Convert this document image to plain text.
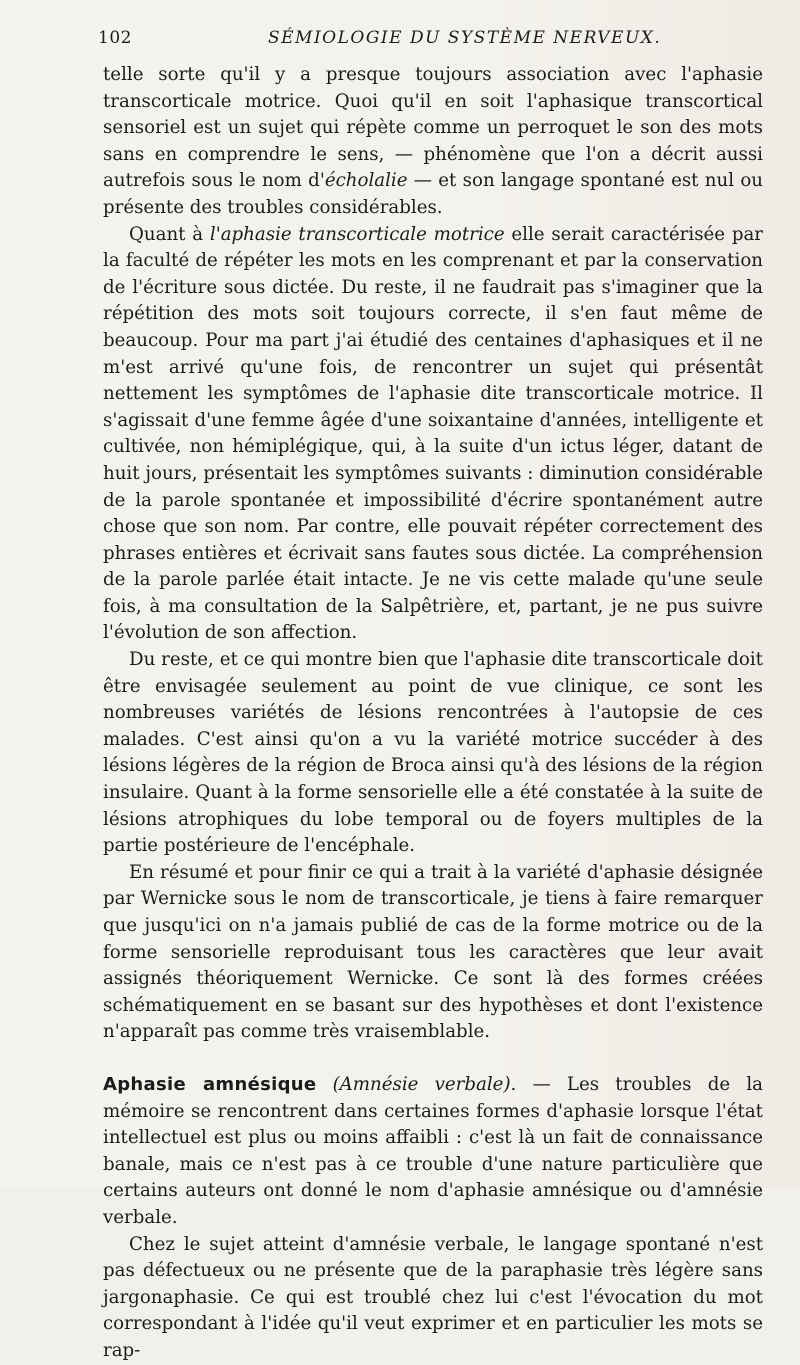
102	SÉMIOLOGIE DU SYSTÈME NERVEUX.

telle sorte qu'il y a presque toujours association avec l'aphasie transcorticale motrice. Quoi qu'il en soit l'aphasique transcortical sensoriel est un sujet qui répète comme un perroquet le son des mots sans en comprendre le sens, — phénomène que l'on a décrit aussi autrefois sous le nom d'écholalie — et son langage spontané est nul ou présente des troubles considérables.

Quant à l'aphasie transcorticale motrice elle serait caractérisée par la faculté de répéter les mots en les comprenant et par la conservation de l'écriture sous dictée. Du reste, il ne faudrait pas s'imaginer que la répétition des mots soit toujours correcte, il s'en faut même de beaucoup. Pour ma part j'ai étudié des centaines d'aphasiques et il ne m'est arrivé qu'une fois, de rencontrer un sujet qui présentât nettement les symptômes de l'aphasie dite transcorticale motrice. Il s'agissait d'une femme âgée d'une soixantaine d'années, intelligente et cultivée, non hémiplégique, qui, à la suite d'un ictus léger, datant de huit jours, présentait les symptômes suivants : diminution considérable de la parole spontanée et impossibilité d'écrire spontanément autre chose que son nom. Par contre, elle pouvait répéter correctement des phrases entières et écrivait sans fautes sous dictée. La compréhension de la parole parlée était intacte. Je ne vis cette malade qu'une seule fois, à ma consultation de la Salpêtrière, et, partant, je ne pus suivre l'évolution de son affection.

Du reste, et ce qui montre bien que l'aphasie dite transcorticale doit être envisagée seulement au point de vue clinique, ce sont les nombreuses variétés de lésions rencontrées à l'autopsie de ces malades. C'est ainsi qu'on a vu la variété motrice succéder à des lésions légères de la région de Broca ainsi qu'à des lésions de la région insulaire. Quant à la forme sensorielle elle a été constatée à la suite de lésions atrophiques du lobe temporal ou de foyers multiples de la partie postérieure de l'encéphale.

En résumé et pour finir ce qui a trait à la variété d'aphasie désignée par Wernicke sous le nom de transcorticale, je tiens à faire remarquer que jusqu'ici on n'a jamais publié de cas de la forme motrice ou de la forme sensorielle reproduisant tous les caractères que leur avait assignés théoriquement Wernicke. Ce sont là des formes créées schématiquement en se basant sur des hypothèses et dont l'existence n'apparaît pas comme très vraisemblable.

Aphasie amnésique (Amnésie verbale). — Les troubles de la mémoire se rencontrent dans certaines formes d'aphasie lorsque l'état intellectuel est plus ou moins affaibli : c'est là un fait de connaissance banale, mais ce n'est pas à ce trouble d'une nature particulière que certains auteurs ont donné le nom d'aphasie amnésique ou d'amnésie verbale.

Chez le sujet atteint d'amnésie verbale, le langage spontané n'est pas défectueux ou ne présente que de la paraphasie très légère sans jargonaphasie. Ce qui est troublé chez lui c'est l'évocation du mot correspondant à l'idée qu'il veut exprimer et en particulier les mots se rap-
